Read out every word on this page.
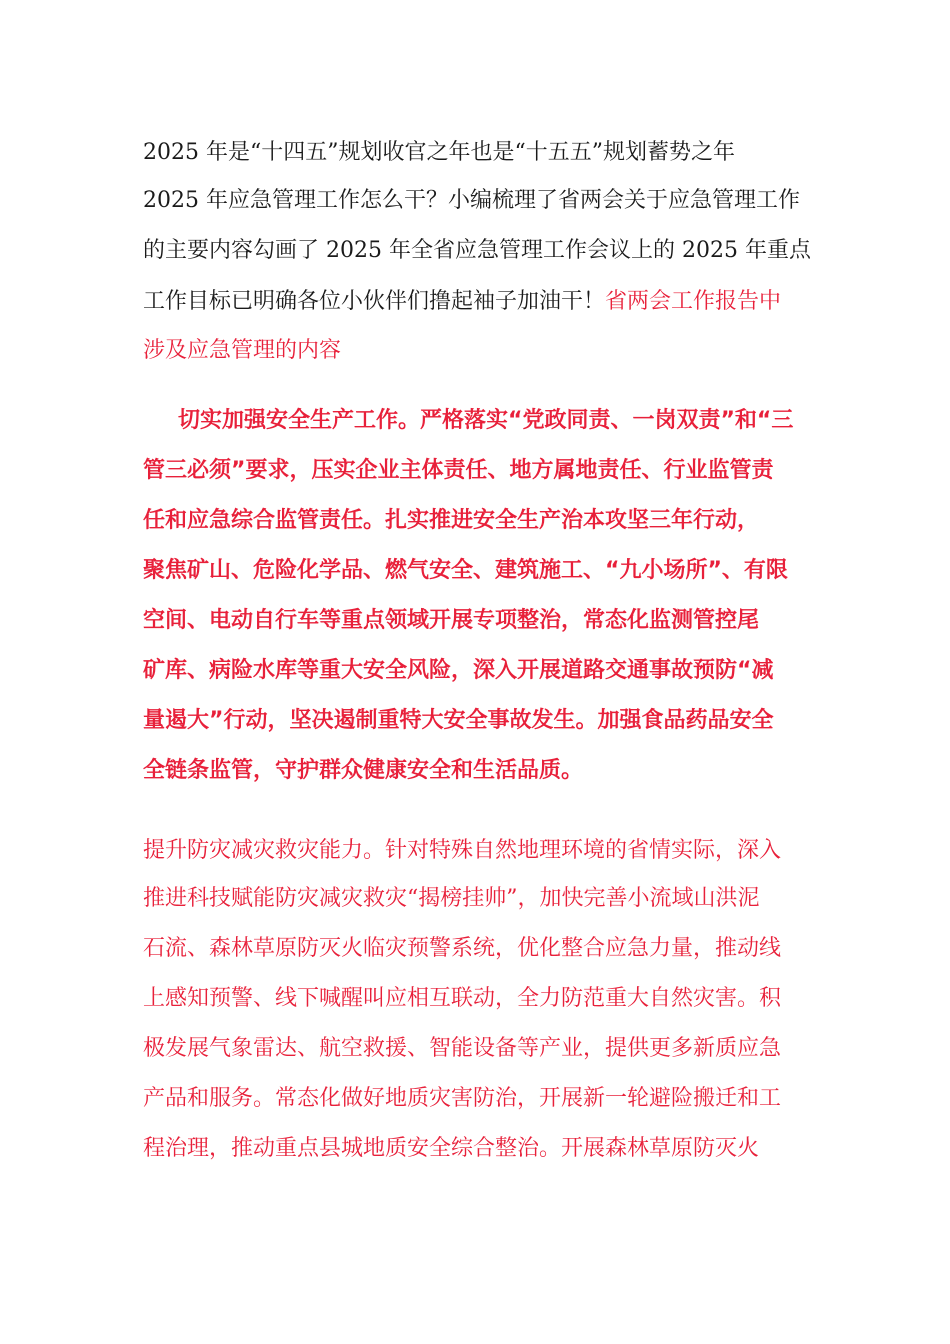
2025 年是“十四五”规划收官之年也是“十五五”规划蓄势之年
2025 年应急管理工作怎么干？小编梳理了省两会关于应急管理工作
的主要内容勾画了 2025 年全省应急管理工作会议上的 2025 年重点
工作目标已明确各位小伙伴们撸起袖子加油干！省两会工作报告中
涉及应急管理的内容
切实加强安全生产工作。严格落实“党政同责、一岗双责”和“三
管三必须”要求，压实企业主体责任、地方属地责任、行业监管责
任和应急综合监管责任。扎实推进安全生产治本攻坚三年行动，
聚焦矿山、危险化学品、燃气安全、建筑施工、“九小场所”、有限
空间、电动自行车等重点领域开展专项整治，常态化监测管控尾
矿库、病险水库等重大安全风险，深入开展道路交通事故预防“减
量遏大”行动，坚决遏制重特大安全事故发生。加强食品药品安全
全链条监管，守护群众健康安全和生活品质。
提升防灾减灾救灾能力。针对特殊自然地理环境的省情实际，深入
推进科技赋能防灾减灾救灾“揭榜挂帅”，加快完善小流域山洪泥
石流、森林草原防灭火临灾预警系统，优化整合应急力量，推动线
上感知预警、线下喊醒叫应相互联动，全力防范重大自然灾害。积
极发展气象雷达、航空救援、智能设备等产业，提供更多新质应急
产品和服务。常态化做好地质灾害防治，开展新一轮避险搬迁和工
程治理，推动重点县城地质安全综合整治。开展森林草原防灭火
